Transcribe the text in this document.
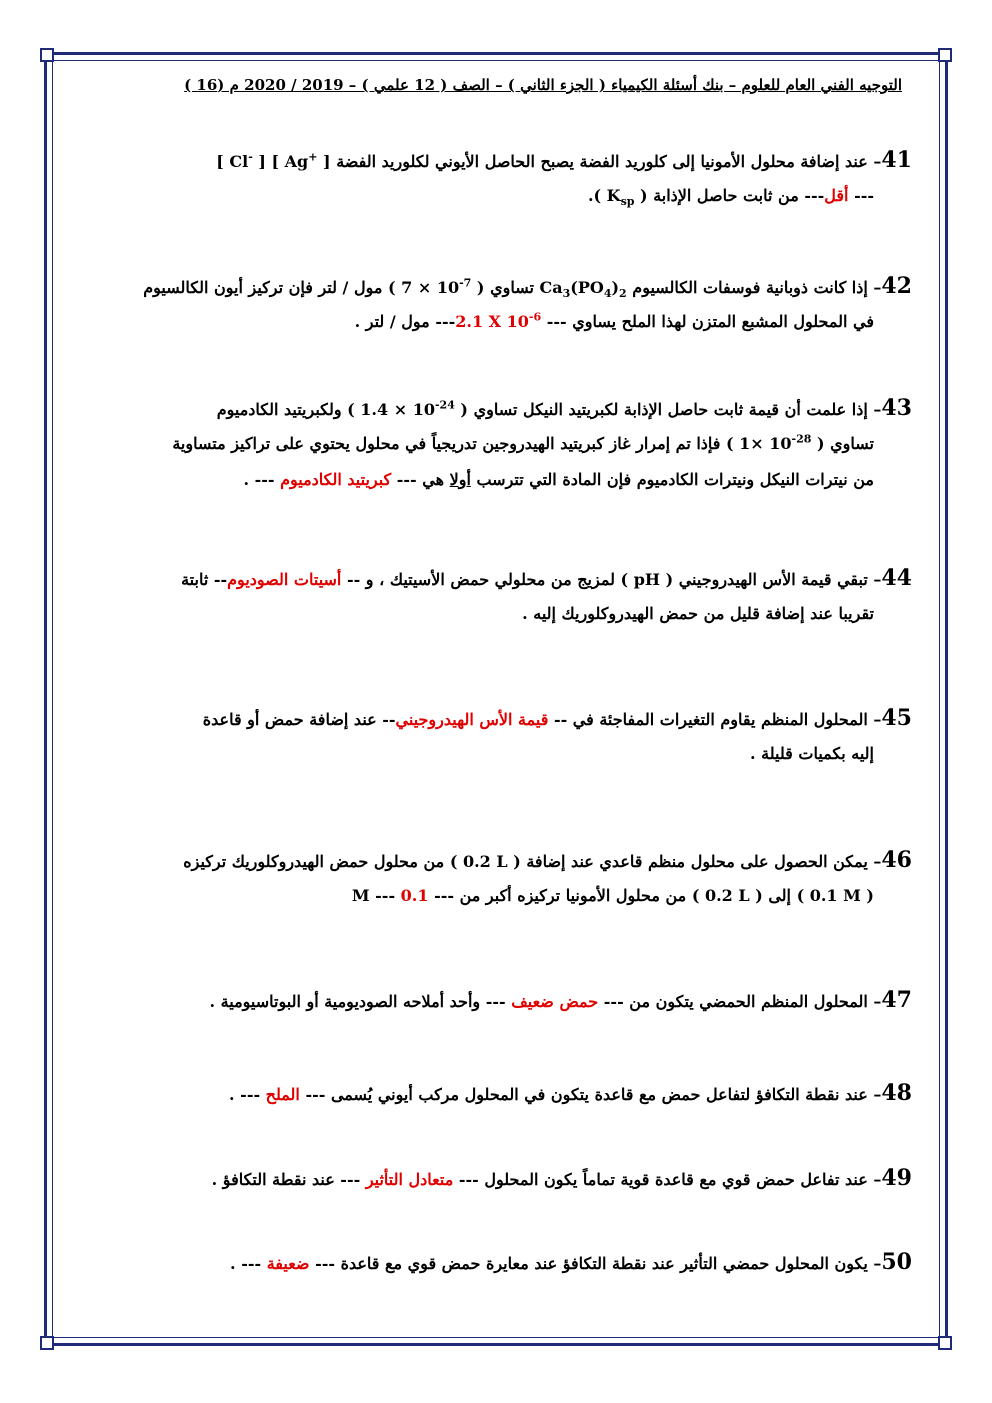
التوجيه الفني العام للعلوم – بنك أسئلة الكيمياء ( الجزء الثاني ) – الصف ( 12 علمي ) – 2019 / 2020 م (16 )
41– عند إضافة محلول الأمونيا إلى كلوريد الفضة يصبح الحاصل الأيوني لكلوريد الفضة [ Ag+ ] [ Cl- ]
--- أقل--- من ثابت حاصل الإذابة ( $K_{sp}$ ).
42– إذا كانت ذوبانية فوسفات الكالسيوم $Ca_3(PO_4)_2$ تساوي ( $10^{-7} \times 7$ ) مول / لتر فإن تركيز أيون الكالسيوم
في المحلول المشبع المتزن لهذا الملح يساوي --- 2.1 X $10^{-6}---$ مول / لتر .
43– إذا علمت أن قيمة ثابت حاصل الإذابة لكبريتيد النيكل تساوي ( $10^{-24} \times 1.4$ ) ولكبريتيد الكادميوم
تساوي ( $10^{-28} \times 1$ ) فإذا تم إمرار غاز كبريتيد الهيدروجين تدريجياً في محلول يحتوي على تراكيز متساوية
من نيترات النيكل ونيترات الكادميوم فإن المادة التي تترسب أولا هي --- كبريتيد الكادميوم --- .
44– تبقي قيمة الأس الهيدروجيني ( pH ) لمزيج من محلولي حمض الأسيتيك ، و -- أسيتات الصوديوم-- ثابتة
تقريبا عند إضافة قليل من حمض الهيدروكلوريك إليه .
45– المحلول المنظم يقاوم التغيرات المفاجئة في -- قيمة الأس الهيدروجيني-- عند إضافة حمض أو قاعدة
إليه بكميات قليلة .
46– يمكن الحصول على محلول منظم قاعدي عند إضافة ( 0.2 L ) من محلول حمض الهيدروكلوريك تركيزه
( 0.1 M ) إلى ( 0.2 L ) من محلول الأمونيا تركيزه أكبر من --- 0.1 --- M
47– المحلول المنظم الحمضي يتكون من --- حمض ضعيف --- وأحد أملاحه الصوديومية أو البوتاسيومية .
48– عند نقطة التكافؤ لتفاعل حمض مع قاعدة يتكون في المحلول مركب أيوني يُسمى --- الملح --- .
49– عند تفاعل حمض قوي مع قاعدة قوية تماماً يكون المحلول --- متعادل التأثير --- عند نقطة التكافؤ .
50– يكون المحلول حمضي التأثير عند نقطة التكافؤ عند معايرة حمض قوي مع قاعدة --- ضعيفة --- .
